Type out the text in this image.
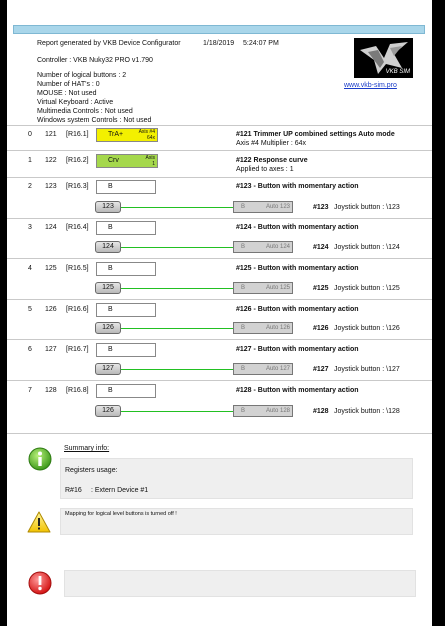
Report generated by VKB Device Configurator	1/18/2019 5:24:07 PM
Controller : VKB Nuky32 PRO v1.790
Number of logical buttons : 2
Number of HAT's : 0
MOUSE : Not used
Virtual Keyboard : Active
Multimedia Controls : Not used
Windows system Controls : Not used
VKB SIM
www.vkb-sim.pro
0 121 [R16.1]	TrA+	Axis #4
64x	#121 Trimmer UP combined settings Auto mode
Axis #4 Multiplier : 64x
1 122 [R16.2]	Crv	Axis
1	#122 Response curve
Applied to axes : 1
2 123 [R16.3]	B	#123 - Button with momentary action
123	B	Auto 123	#123 Joystick button : \123
3 124 [R16.4]	B	#124 - Button with momentary action
124	B	Auto 124	#124 Joystick button : \124
4 125 [R16.5]	B	#125 - Button with momentary action
125	B	Auto 125	#125 Joystick button : \125
5 126 [R16.6]	B	#126 - Button with momentary action
126	B	Auto 126	#126 Joystick button : \126
6 127 [R16.7]	B	#127 - Button with momentary action
127	B	Auto 127	#127 Joystick button : \127
7 128 [R16.8]	B	#128 - Button with momentary action
126	B	Auto 128	#128 Joystick button : \128
Summary info:
Registers usage:
R#16 : Extern Device #1
Mapping for logical level buttons is turned off !
